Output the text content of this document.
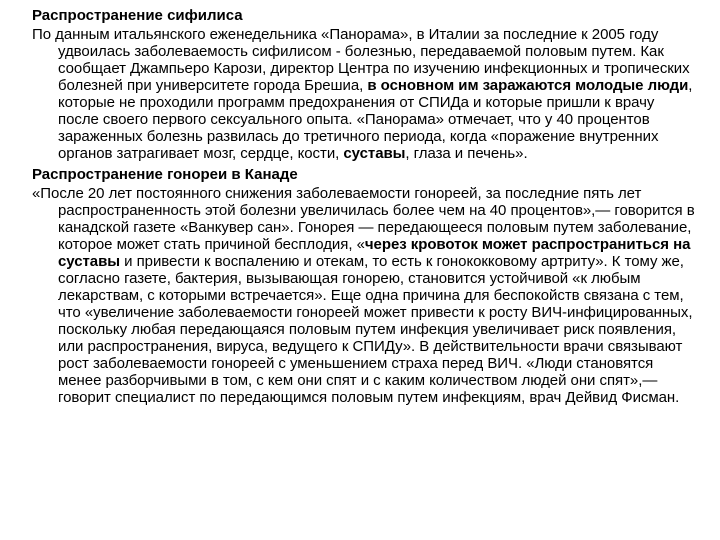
Распространение сифилиса

По данным итальянского еженедельника «Панорама», в Италии за последние к 2005 году удвоилась заболеваемость сифилисом - болезнью, передаваемой половым путем. Как сообщает Джампьеро Карози, директор Центра по изучению инфекционных и тропических болезней при университете города Брешиа, в основном им заражаются молодые люди, которые не проходили программ предохранения от СПИДа и которые пришли к врачу после своего первого сексуального опыта. «Панорама» отмечает, что у 40 процентов зараженных болезнь развилась до третичного периода, когда «поражение внутренних органов затрагивает мозг, сердце, кости, суставы, глаза и печень».

Распространение гонореи в Канаде

«После 20 лет постоянного снижения заболеваемости гонореей, за последние пять лет распространенность этой болезни увеличилась более чем на 40 процентов»,— говорится в канадской газете «Ванкувер сан». Гонорея — передающееся половым путем заболевание, которое может стать причиной бесплодия, «через кровоток может распространиться на суставы и привести к воспалению и отекам, то есть к гонококковому артриту». К тому же, согласно газете, бактерия, вызывающая гонорею, становится устойчивой «к любым лекарствам, с которыми встречается». Еще одна причина для беспокойств связана с тем, что «увеличение заболеваемости гонореей может привести к росту ВИЧ-инфицированных, поскольку любая передающаяся половым путем инфекция увеличивает риск появления, или распространения, вируса, ведущего к СПИДу». В действительности врачи связывают рост заболеваемости гонореей с уменьшением страха перед ВИЧ. «Люди становятся менее разборчивыми в том, с кем они спят и с каким количеством людей они спят»,— говорит специалист по передающимся половым путем инфекциям, врач Дейвид Фисман.
